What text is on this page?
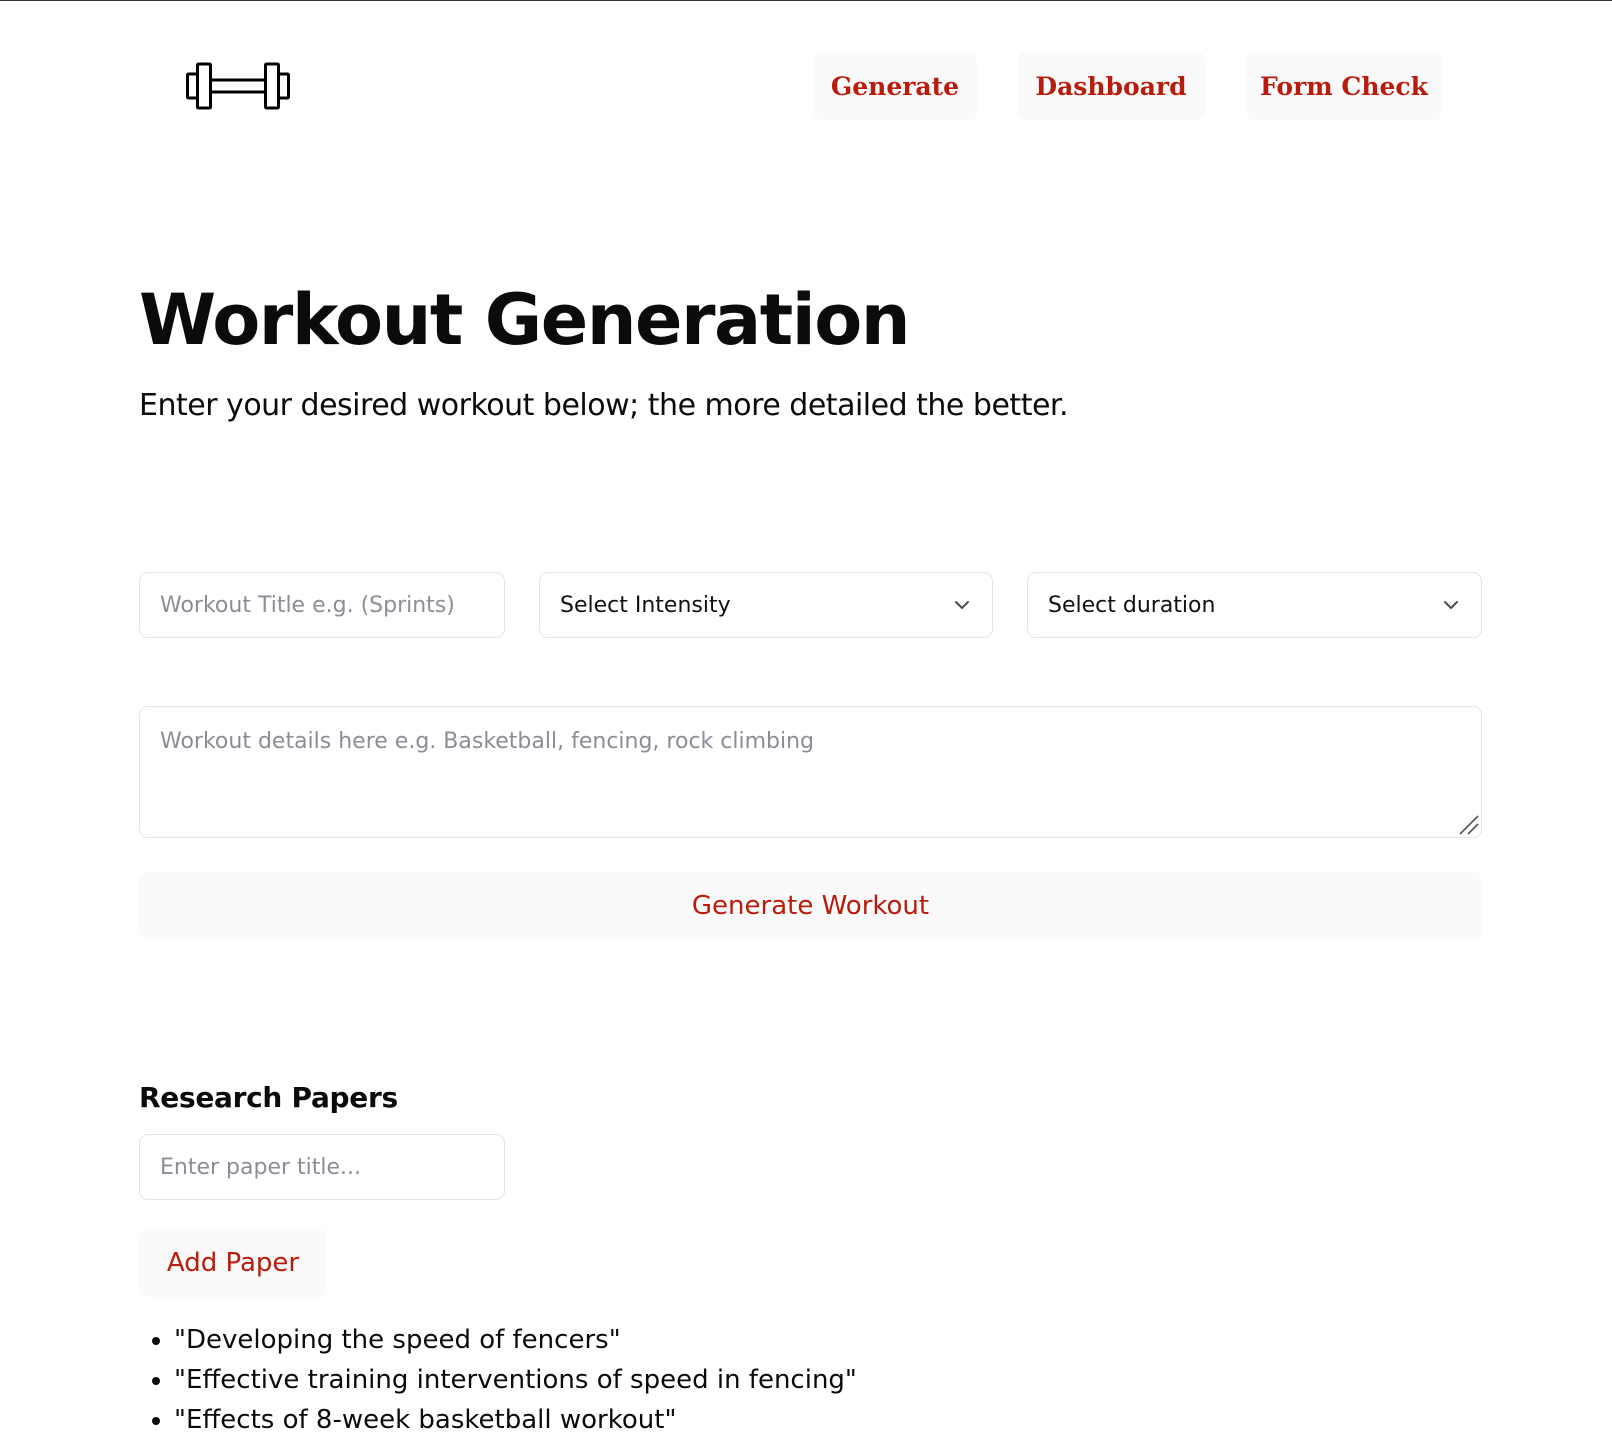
Generate	Dashboard	Form Check
Workout Generation

Enter your desired workout below; the more detailed the better.

Workout Title e.g. (Sprints)
Select Intensity	Select duration
Workout details here e.g. Basketball, fencing, rock climbing
Generate Workout
Research Papers
Enter paper title...
Add Paper
• "Developing the speed of fencers"
• "Effective training interventions of speed in fencing"
• "Effects of 8-week basketball workout"
